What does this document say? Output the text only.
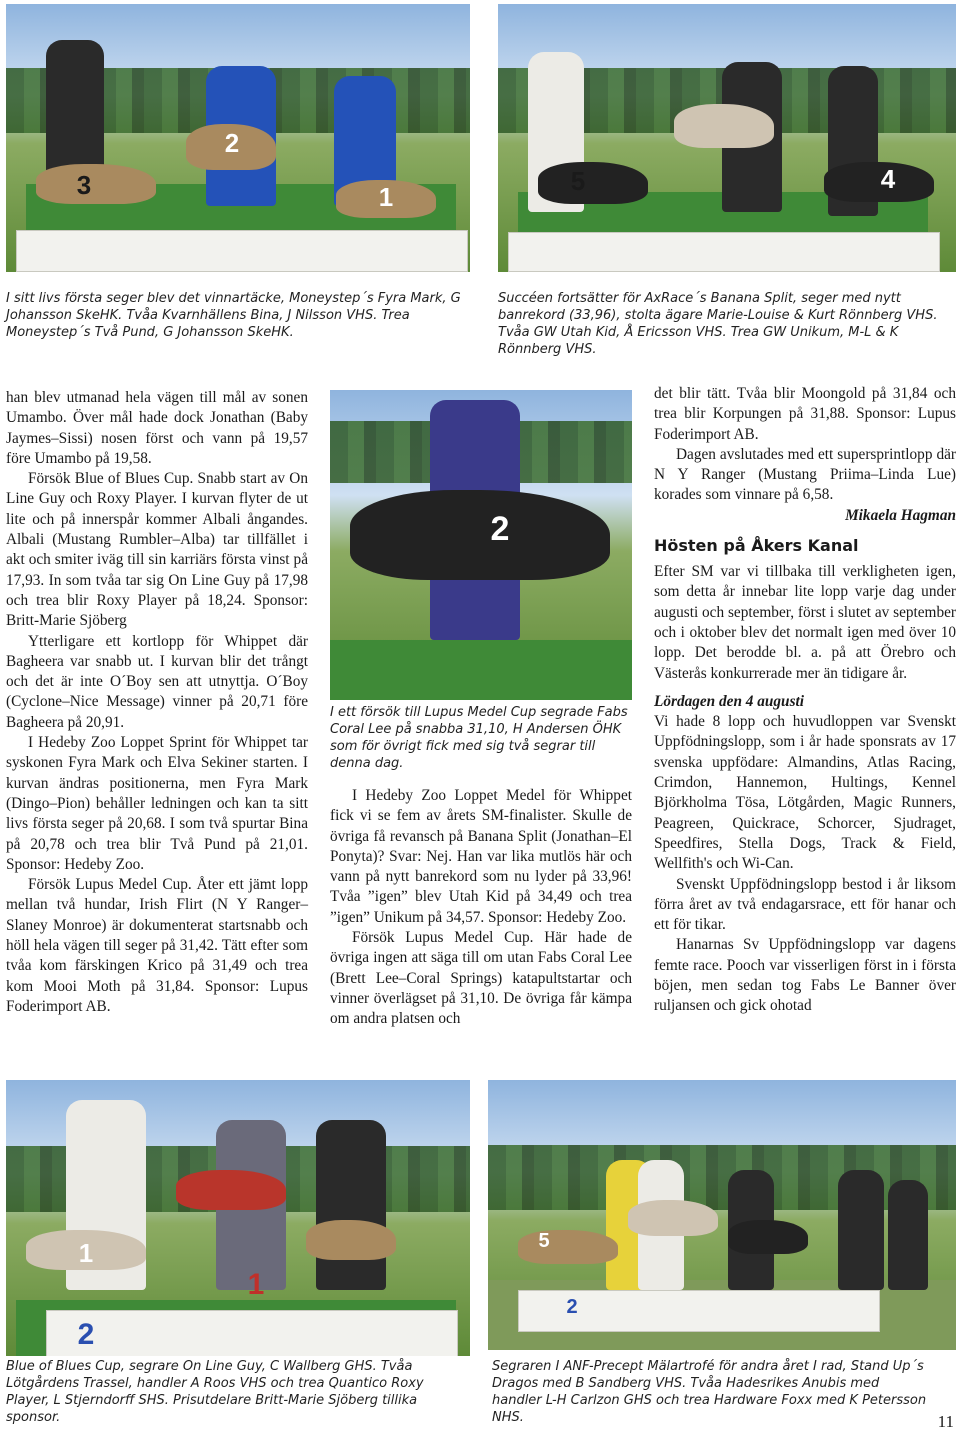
3
2
1

I sitt livs första seger blev det vinnartäcke, Moneystep´s Fyra Mark, G Johansson SkeHK. Tvåa Kvarnhällens Bina, J Nilsson VHS. Trea Moneystep´s Två Pund, G Johansson SkeHK.

5	4

Succéen fortsätter för AxRace´s Banana Split, seger med nytt banrekord (33,96), stolta ägare Marie-Louise & Kurt Rönnberg VHS. Tvåa GW Utah Kid, Å Ericsson VHS. Trea GW Unikum, M-L & K Rönnberg VHS.

han blev utmanad hela vägen till mål av sonen Umambo. Över mål hade dock Jonathan (Baby Jaymes–Sissi) nosen först och vann på 19,57 före Umambo på 19,58.

Försök Blue of Blues Cup. Snabb start av On Line Guy och Roxy Player. I kurvan flyter de ut lite och på innerspår kommer Albali ångandes. Albali (Mustang Rumbler–Alba) tar tillfället i akt och smiter iväg till sin karriärs första vinst på 17,93. In som tvåa tar sig On Line Guy på 17,98 och trea blir Roxy Player på 18,24. Sponsor: Britt-Marie Sjöberg

Ytterligare ett kortlopp för Whippet där Bagheera var snabb ut. I kurvan blir det trångt och det är inte O´Boy sen att utnyttja. O´Boy (Cyclone–Nice Message) vinner på 20,71 före Bagheera på 20,91.

I Hedeby Zoo Loppet Sprint för Whippet tar syskonen Fyra Mark och Elva Sekiner starten. I kurvan ändras positionerna, men Fyra Mark (Dingo–Pion) behåller ledningen och kan ta sitt livs första seger på 20,68. I som två spurtar Bina på 20,78 och trea blir Två Pund på 21,01. Sponsor: Hedeby Zoo.

Försök Lupus Medel Cup. Åter ett jämt lopp mellan två hundar, Irish Flirt (N Y Ranger–Slaney Monroe) är dokumenterat startsnabb och höll hela vägen till seger på 31,42. Tätt efter som tvåa kom färskingen Krico på 31,49 och trea kom Mooi Moth på 31,84. Sponsor: Lupus Foderimport AB.

2

I ett försök till Lupus Medel Cup segrade Fabs Coral Lee på snabba 31,10, H Andersen ÖHK som för övrigt fick med sig två segrar till denna dag.

I Hedeby Zoo Loppet Medel för Whippet fick vi se fem av årets SM-finalister. Skulle de övriga få revansch på Banana Split (Jonathan–El Ponyta)? Svar: Nej. Han var lika mutlös här och vann på nytt banrekord som nu lyder på 33,96! Tvåa ”igen” blev Utah Kid på 34,49 och trea ”igen” Unikum på 34,57. Sponsor: Hedeby Zoo.

Försök Lupus Medel Cup. Här hade de övriga ingen att säga till om utan Fabs Coral Lee (Brett Lee–Coral Springs) katapultstartar och vinner överlägset på 31,10. De övriga får kämpa om andra platsen och

det blir tätt. Tvåa blir Moongold på 31,84 och trea blir Korpungen på 31,88. Sponsor: Lupus Foderimport AB.

Dagen avslutades med ett supersprintlopp där N Y Ranger (Mustang Priima–Linda Lue) korades som vinnare på 6,58.

Mikaela Hagman

Hösten på Åkers Kanal

Efter SM var vi tillbaka till verkligheten igen, som detta år innebar lite lopp varje dag under augusti och september, först i slutet av september och i oktober blev det normalt igen med över 10 lopp. Det berodde bl. a. på att Örebro och Västerås konkurrerade mer än tidigare år.

Lördagen den 4 augusti

Vi hade 8 lopp och huvudloppen var Svenskt Uppfödningslopp, som i år hade sponsrats av 17 svenska uppfödare: Almandins, Atlas Racing, Crimdon, Hannemon, Hultings, Kennel Björkholma Tösa, Lötgården, Magic Runners, Peagreen, Quickrace, Schorcer, Sjudraget, Speedfires, Stella Dogs, Track & Field, Wellfith's och Wi-Can.

Svenskt Uppfödningslopp bestod i år liksom förra året av två endagarsrace, ett för hanar och ett för tikar.

Hanarnas Sv Uppfödningslopp var dagens femte race. Pooch var visserligen först in i första böjen, men sedan tog Fabs Le Banner över ruljansen och gick ohotad

1
1
2

Blue of Blues Cup, segrare On Line Guy, C Wallberg GHS. Tvåa Lötgårdens Trassel, handler A Roos VHS och trea Quantico Roxy Player, L Stjerndorff SHS. Prisutdelare Britt-Marie Sjöberg tillika sponsor.

5
2

Segraren I ANF-Precept Mälartrofé för andra året I rad, Stand Up´s Dragos med B Sandberg VHS. Tvåa Hadesrikes Anubis med handler L-H Carlzon GHS och trea Hardware Foxx med K Petersson NHS.	11
